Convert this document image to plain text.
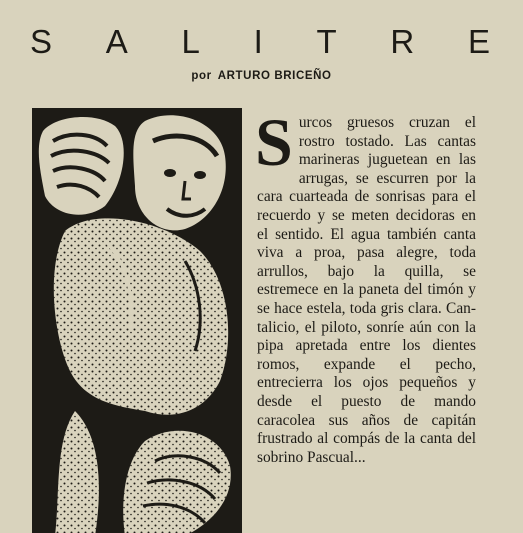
S A L I T R E
por ARTURO BRICEÑO
Surcos gruesos cruzan el rostro tostado. Las cantas marineras juguetean en las arrugas, se escurren por la cara cuarteada de sonrisas para el recuerdo y se meten decidoras en el sentido. El agua también canta viva a proa, pasa alegre, toda arrullos, bajo la quilla, se estremece en la paneta del timón y se hace estela, toda gris clara. Cantalicio, el piloto, sonríe aún con la pipa apretada entre los dientes romos, expande el pecho, entrecierra los ojos pequeños y desde el puesto de mando caracolea sus años de capitán frustrado al compás de la canta del sobrino Pascual...
